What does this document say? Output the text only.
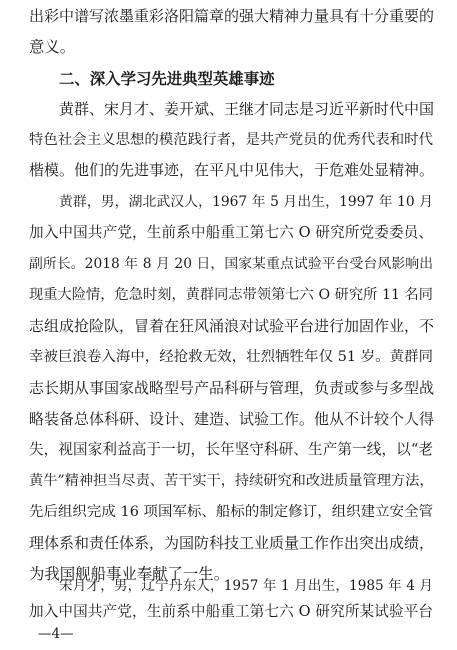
出彩中谱写浓墨重彩洛阳篇章的强大精神力量具有十分重要的
意义。
二、深入学习先进典型英雄事迹
黄群、宋月才、姜开斌、王继才同志是习近平新时代中国
特色社会主义思想的模范践行者，是共产党员的优秀代表和时代
楷模。他们的先进事迹，在平凡中见伟大，于危难处显精神。
黄群，男，湖北武汉人，1967 年 5 月出生，1997 年 10 月
加入中国共产党，生前系中船重工第七六 O 研究所党委委员、
副所长。2018 年 8 月 20 日，国家某重点试验平台受台风影响出
现重大险情，危急时刻，黄群同志带领第七六 O 研究所 11 名同
志组成抢险队，冒着在狂风涌浪对试验平台进行加固作业，不
幸被巨浪卷入海中，经抢救无效，壮烈牺牲年仅 51 岁。黄群同
志长期从事国家战略型号产品科研与管理，负责或参与多型战
略装备总体科研、设计、建造、试验工作。他从不计较个人得
失，视国家利益高于一切，长年坚守科研、生产第一线，以“老
黄牛”精神担当尽责、苦干实干，持续研究和改进质量管理方法，
先后组织完成 16 项国军标、船标的制定修订，组织建立安全管
理体系和责任体系，为国防科技工业质量工作作出突出成绩，
为我国舰船事业奉献了一生。
宋月才，男，辽宁丹东人，1957 年 1 月出生，1985 年 4 月
加入中国共产党，生前系中船重工第七六 O 研究所某试验平台
—4—
